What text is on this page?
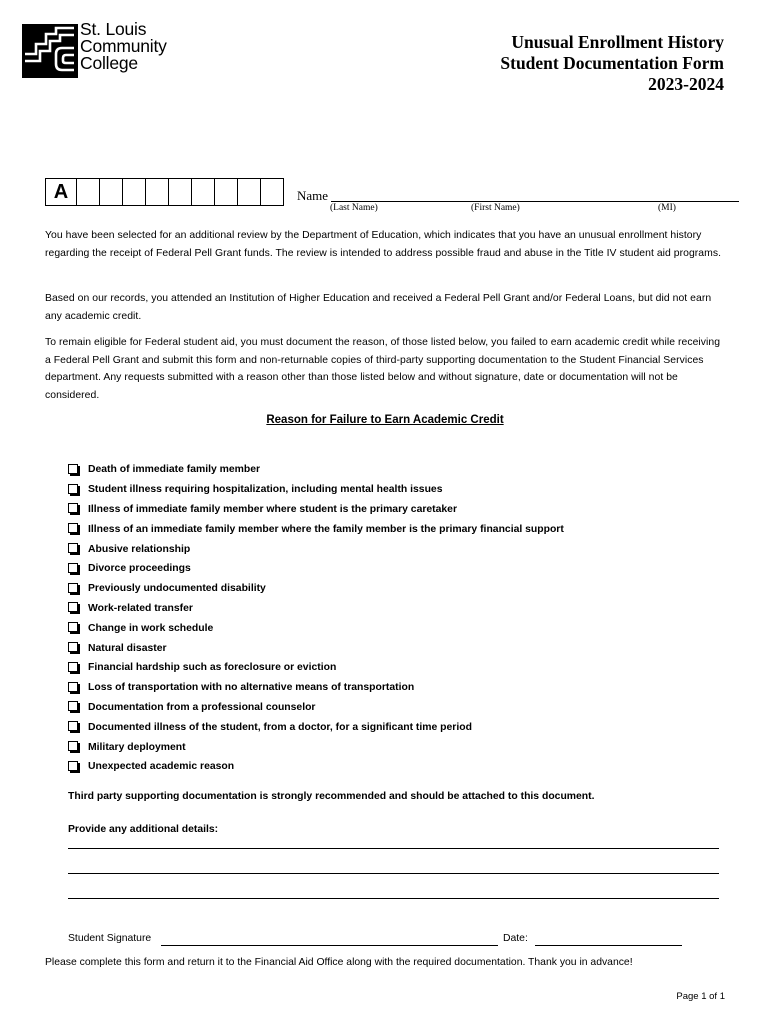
St. Louis
Community
College
Unusual Enrollment History
Student Documentation Form
2023-2024
A	Name
(Last Name)	(First Name)	(MI)
You have been selected for an additional review by the Department of Education, which indicates that you have an unusual enrollment history regarding the receipt of Federal Pell Grant funds. The review is intended to address possible fraud and abuse in the Title IV student aid programs.
Based on our records, you attended an Institution of Higher Education and received a Federal Pell Grant and/or Federal Loans, but did not earn any academic credit.
To remain eligible for Federal student aid, you must document the reason, of those listed below, you failed to earn academic credit while receiving a Federal Pell Grant and submit this form and non-returnable copies of third-party supporting documentation to the Student Financial Services department. Any requests submitted with a reason other than those listed below and without signature, date or documentation will not be considered.
Reason for Failure to Earn Academic Credit
Death of immediate family member
Student illness requiring hospitalization, including mental health issues
Illness of immediate family member where student is the primary caretaker
Illness of an immediate family member where the family member is the primary financial support
Abusive relationship
Divorce proceedings
Previously undocumented disability
Work-related transfer
Change in work schedule
Natural disaster
Financial hardship such as foreclosure or eviction
Loss of transportation with no alternative means of transportation
Documentation from a professional counselor
Documented illness of the student, from a doctor, for a significant time period
Military deployment
Unexpected academic reason
Third party supporting documentation is strongly recommended and should be attached to this document.
Provide any additional details:
Student Signature	Date:
Please complete this form and return it to the Financial Aid Office along with the required documentation. Thank you in advance!
Page 1 of 1
